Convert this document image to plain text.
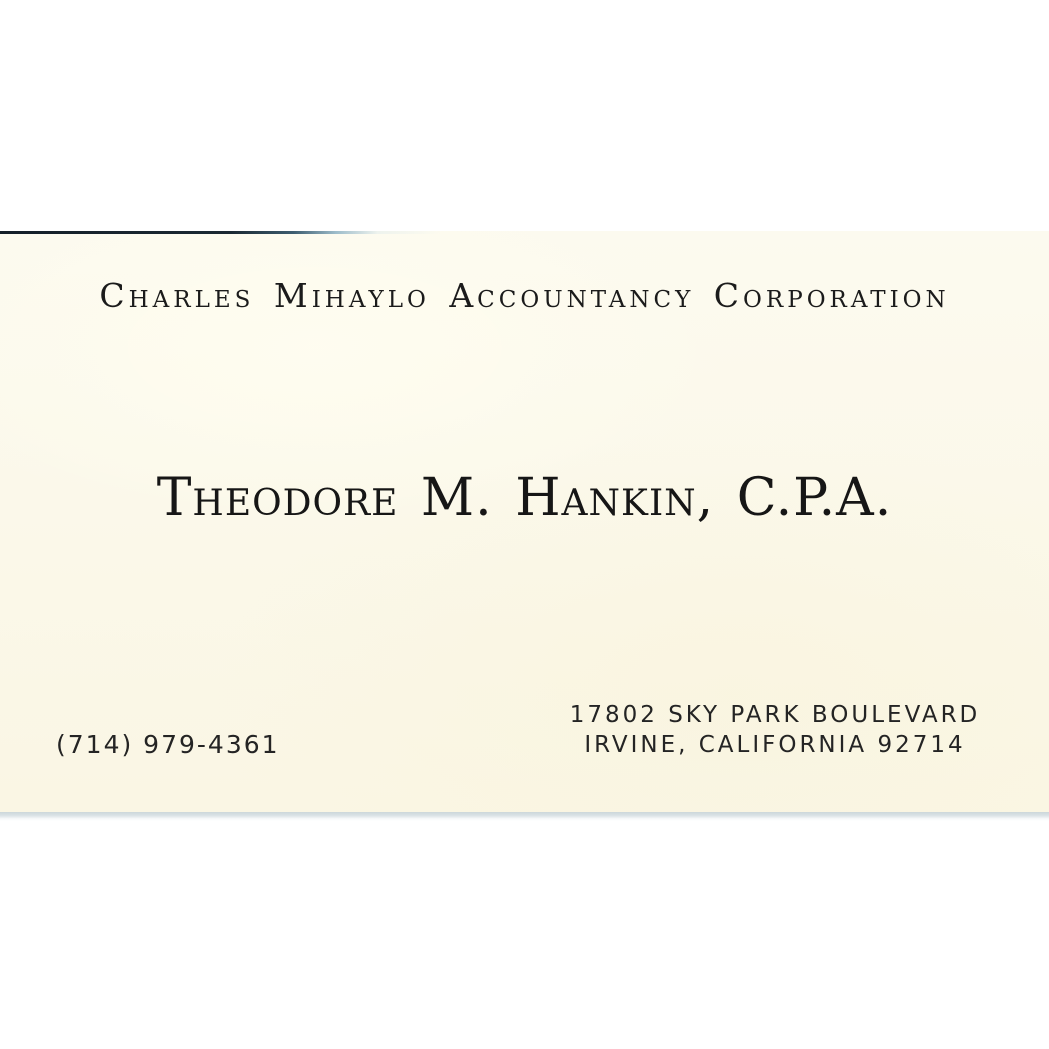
Charles Mihaylo Accountancy Corporation
Theodore M. Hankin, C.P.A.
(714) 979-4361
17802 SKY PARK BOULEVARD
IRVINE, CALIFORNIA 92714
